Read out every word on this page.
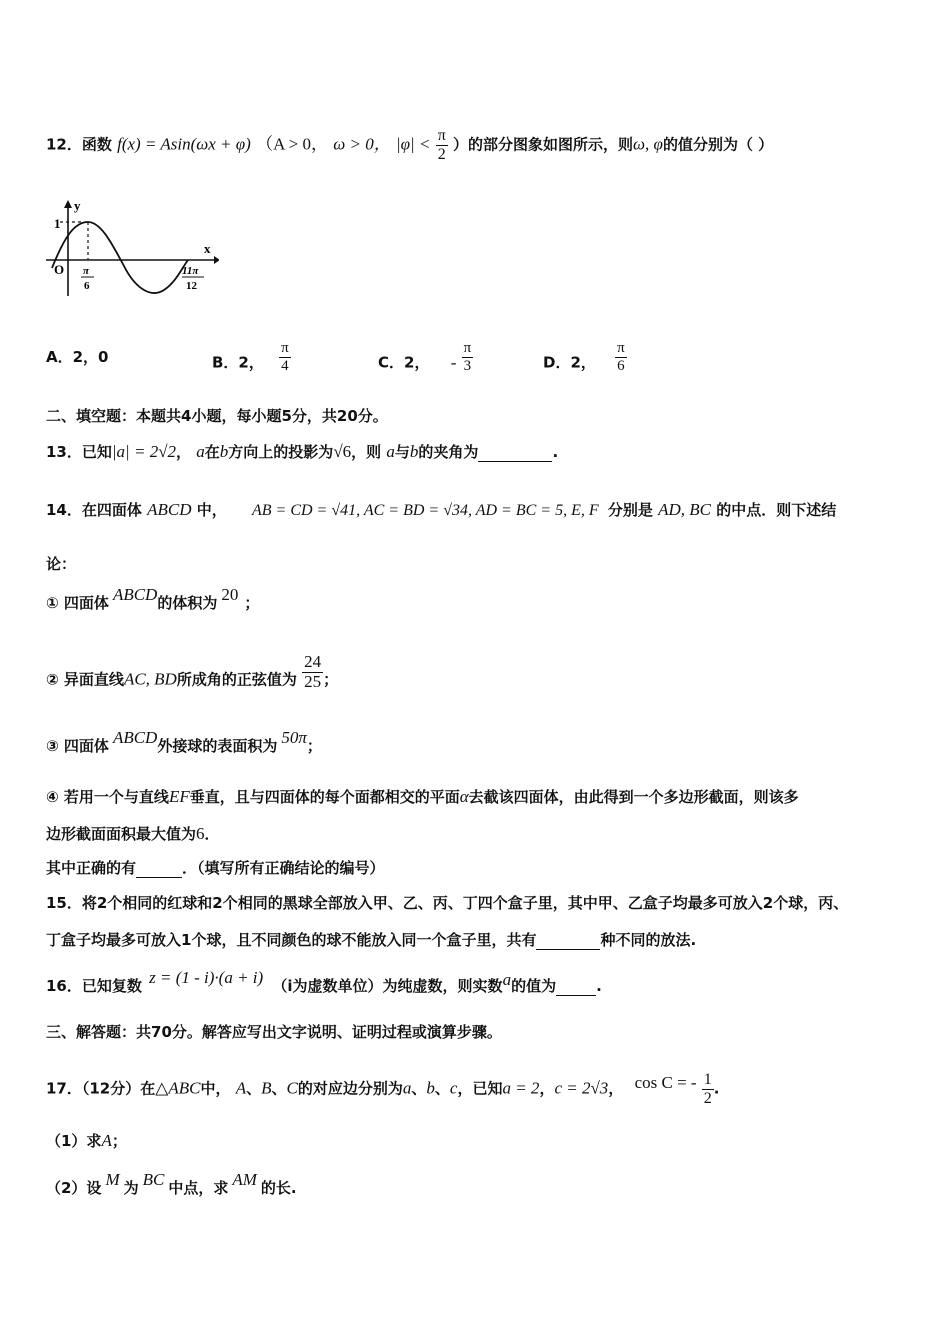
12．函数 f(x) = Asin(ωx + φ) （A > 0， ω > 0， $|\varphi| < \frac{\pi}{2}$ ）的部分图象如图所示，则ω, φ的值分别为（ ）
y
x
1
O π
6
11π
12
A．2，0	B．2， $\frac{\pi}{4}$	C．2， - $\frac{\pi}{3}$	D．2， $\frac{\pi}{6}$
二、填空题：本题共4小题，每小题5分，共20分。
13．已知|a| = 2√2， a在b方向上的投影为√6，则 a与b的夹角为	.
14．在四面体 ABCD 中， AB = CD = √41, AC = BD = √34, AD = BC = 5, E, F 分别是 AD, BC 的中点．则下述结
论：
① 四面体 ABCD的体积为 20 ；
② 异面直线AC, BD所成角的正弦值为 $\frac{24}{25}$ ；
③ 四面体 ABCD外接球的表面积为 50π；
④ 若用一个与直线EF垂直，且与四面体的每个面都相交的平面α去截该四面体，由此得到一个多边形截面，则该多
边形截面面积最大值为6．
其中正确的有	．（填写所有正确结论的编号）
15．将2个相同的红球和2个相同的黑球全部放入甲、乙、丙、丁四个盒子里，其中甲、乙盒子均最多可放入2个球，丙、
丁盒子均最多可放入1个球，且不同颜色的球不能放入同一个盒子里，共有	种不同的放法.
16．已知复数 z = (1 - i)·(a + i) （i为虚数单位）为纯虚数，则实数a的值为	.
三、解答题：共70分。解答应写出文字说明、证明过程或演算步骤。
17．（12分）在△ABC中， A、B、C的对应边分别为a、b、c，已知a = 2，c = 2√3， cos C = - $\frac{1}{2}$ .
（1）求A；
（2）设 M 为 BC 中点，求 AM 的长.
